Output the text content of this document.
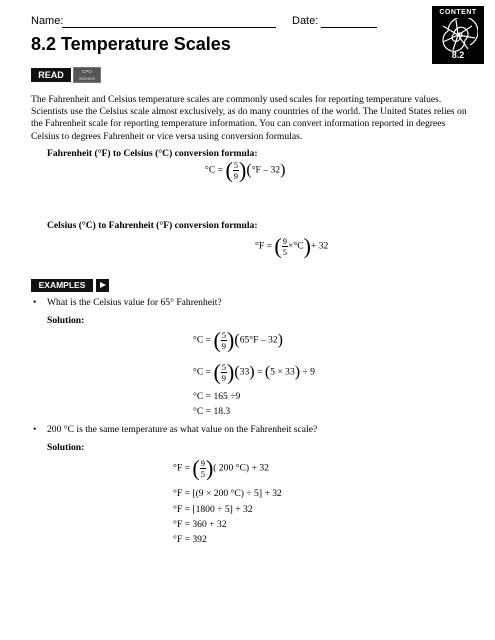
Name:	Date:
CONTENT
8.2
8.2 Temperature Scales
READ	CPO
Science
The Fahrenheit and Celsius temperature scales are commonly used scales for reporting temperature values. Scientists use the Celsius scale almost exclusively, as do many countries of the world. The United States relies on the Fahrenheit scale for reporting temperature information. You can convert information reported in degrees Celsius to degrees Fahrenheit or vice versa using conversion formulas.
Fahrenheit (°F) to Celsius (°C) conversion formula:
°C = ( $\frac{5}{9} )(^\circ F - 32)$
Celsius (°C) to Fahrenheit (°F) conversion formula:
°F = ( $\frac{9}{5} \times^\circ C)+ 32$
EXAMPLES
• What is the Celsius value for 65° Fahrenheit?
Solution:
°C = ( $\frac{5}{9} )(65^\circ F - 32)$
°C = ( $\frac{5}{9} )(33) = (5 \times 33) \div 9$
°C = 165 ÷9
°C = 18.3
• 200 °C is the same temperature as what value on the Fahrenheit scale?
Solution:
°F = ( $\frac{9}{5}$ )( 200 °C) + 32
°F = [(9 × 200 °C) ÷ 5] + 32
°F = [1800 ÷ 5] + 32
°F = 360 + 32
°F = 392
